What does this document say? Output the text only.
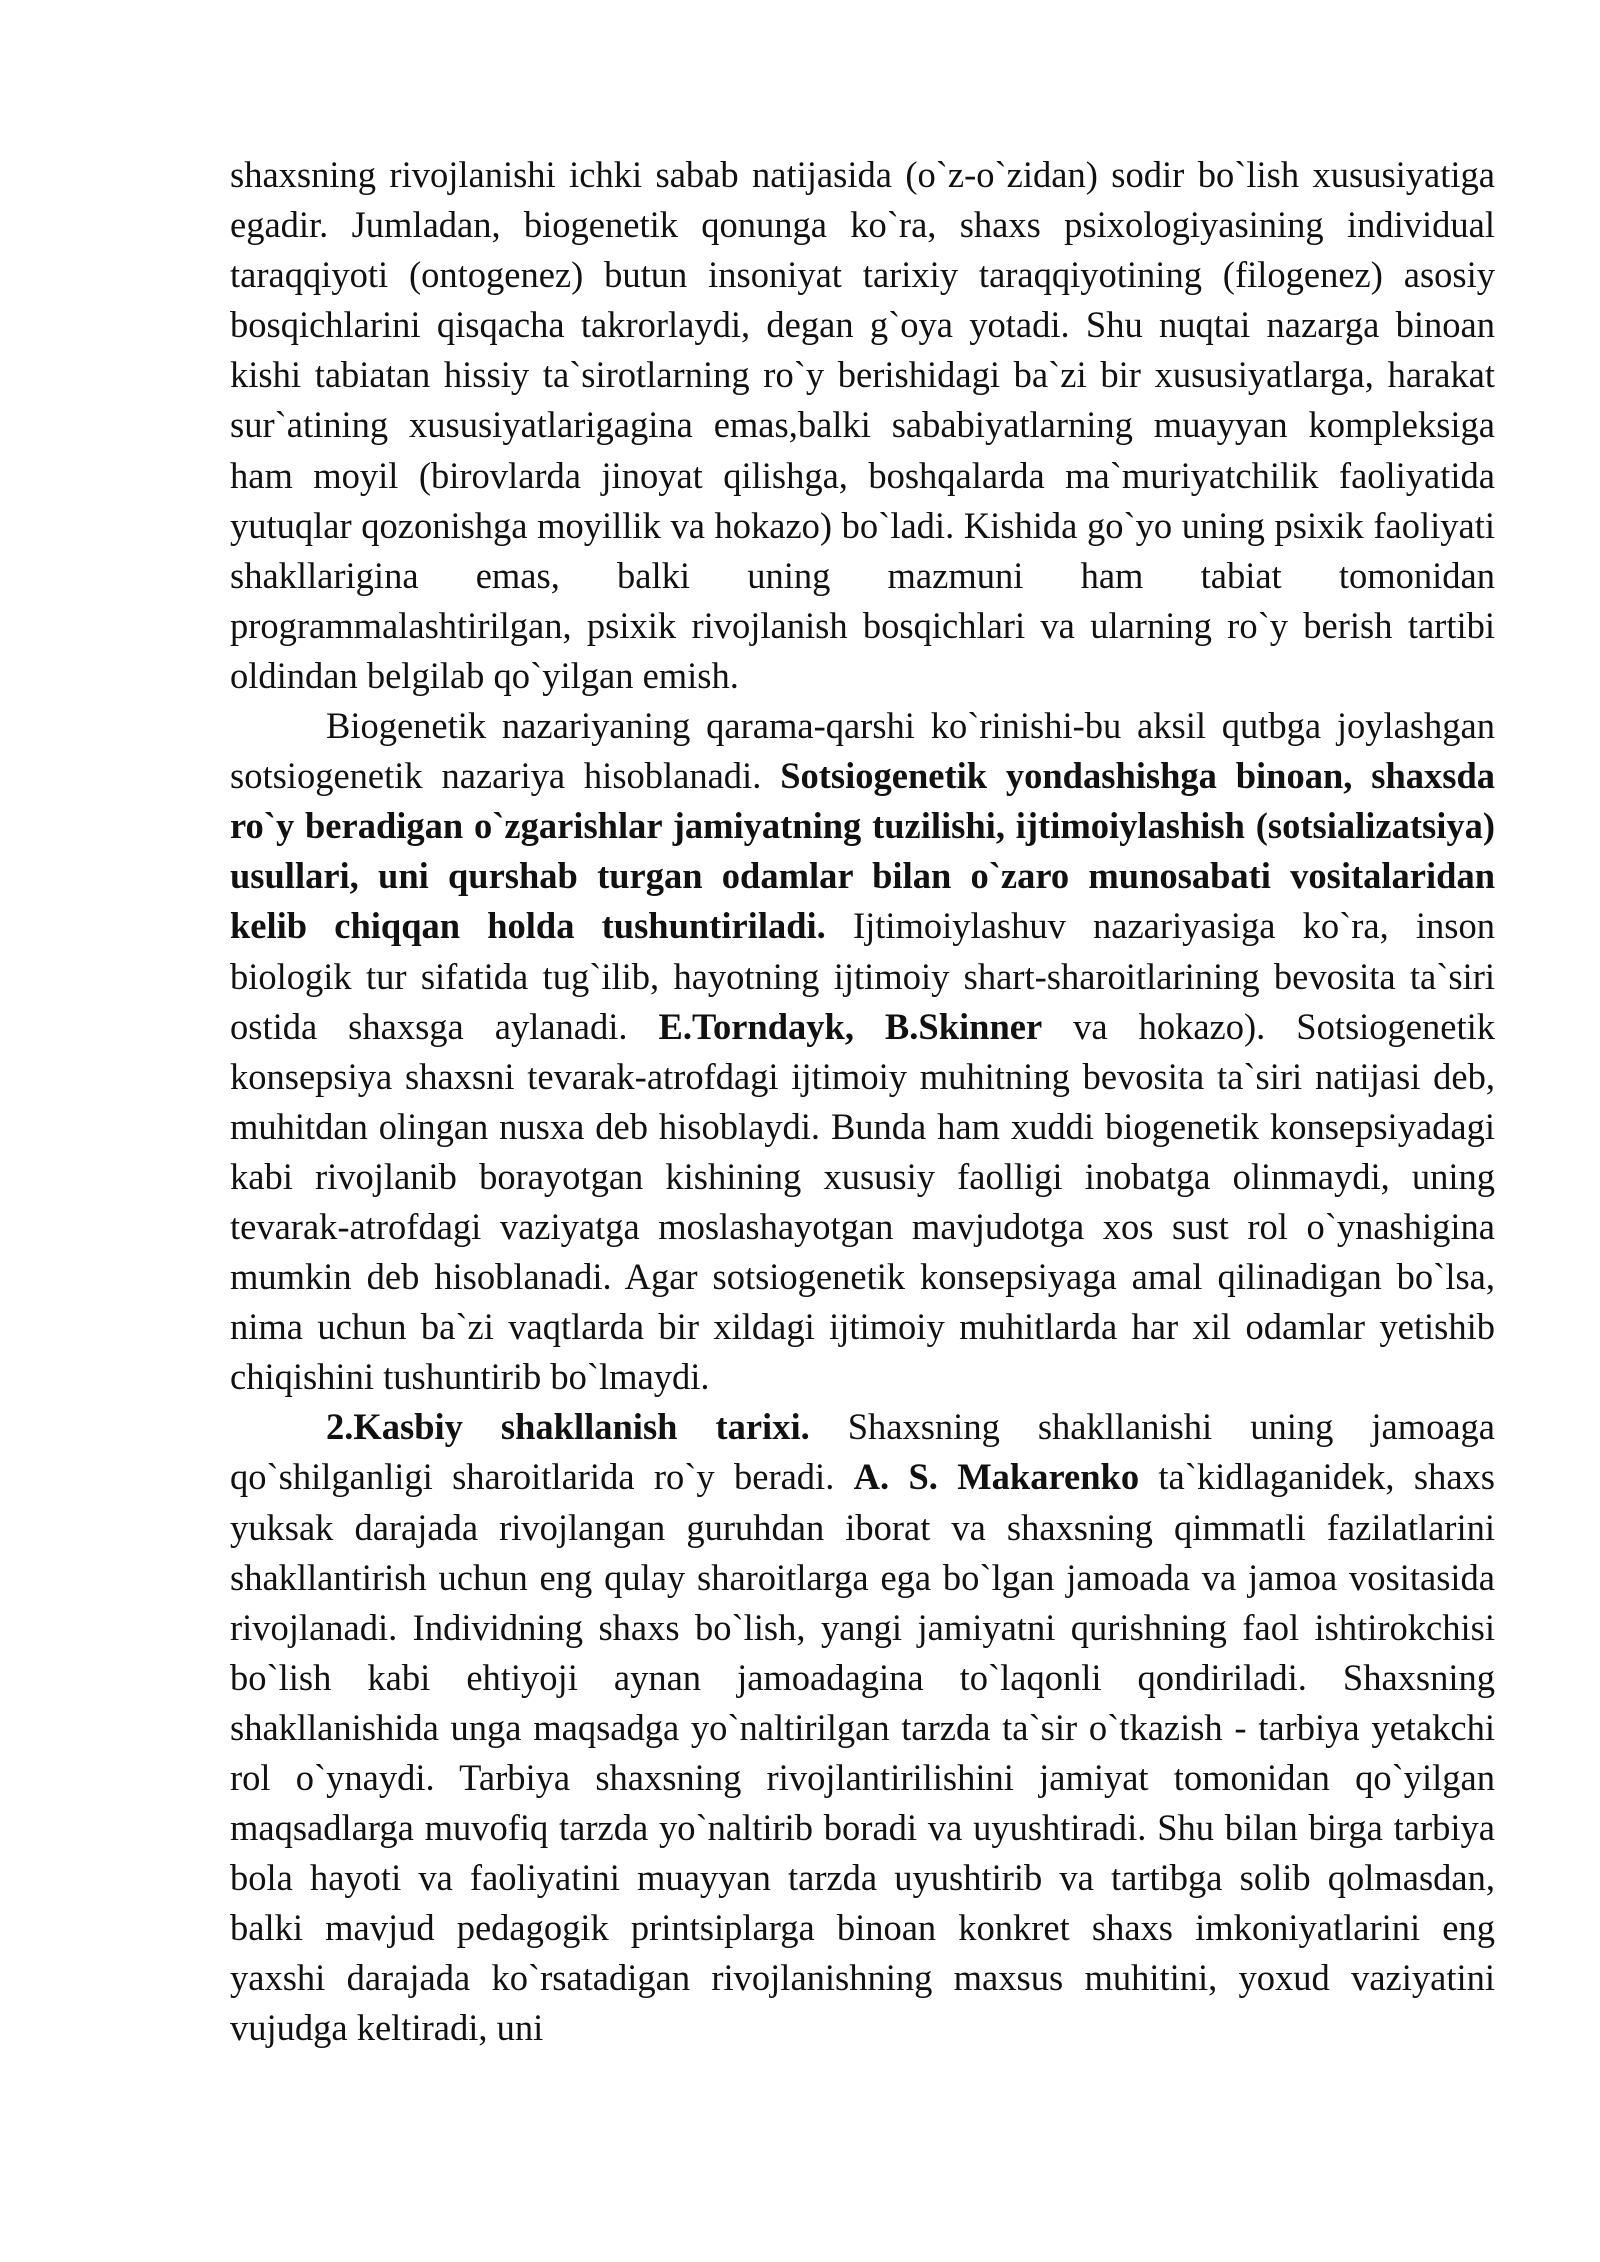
shaxsning rivojlanishi ichki sabab natijasida (o`z-o`zidan) sodir bo`lish xususiyatiga egadir. Jumladan, biogenetik qonunga ko`ra, shaxs psixologiyasining individual taraqqiyoti (ontogenez) butun insoniyat tarixiy taraqqiyotining (filogenez) asosiy bosqichlarini qisqacha takrorlaydi, degan g`oya yotadi. Shu nuqtai nazarga binoan kishi tabiatan hissiy ta`sirotlarning ro`y berishidagi ba`zi bir xususiyatlarga, harakat sur`atining xususiyatlarigagina emas,balki sababiyatlarning muayyan kompleksiga ham moyil (birovlarda jinoyat qilishga, boshqalarda ma`muriyatchilik faoliyatida yutuqlar qozonishga moyillik va hokazo) bo`ladi. Kishida go`yo uning psixik faoliyati shakllarigina emas, balki uning mazmuni ham tabiat tomonidan programmalashtirilgan, psixik rivojlanish bosqichlari va ularning ro`y berish tartibi oldindan belgilab qo`yilgan emish.

Biogenetik nazariyaning qarama-qarshi ko`rinishi-bu aksil qutbga joylashgan sotsiogenetik nazariya hisoblanadi. Sotsiogenetik yondashishga binoan, shaxsda ro`y beradigan o`zgarishlar jamiyatning tuzilishi, ijtimoiylashish (sotsializatsiya) usullari, uni qurshab turgan odamlar bilan o`zaro munosabati vositalaridan kelib chiqqan holda tushuntiriladi. Ijtimoiylashuv nazariyasiga ko`ra, inson biologik tur sifatida tug`ilib, hayotning ijtimoiy shart-sharoitlarining bevosita ta`siri ostida shaxsga aylanadi. E.Torndayk, B.Skinner va hokazo). Sotsiogenetik konsepsiya shaxsni tevarak-atrofdagi ijtimoiy muhitning bevosita ta`siri natijasi deb, muhitdan olingan nusxa deb hisoblaydi. Bunda ham xuddi biogenetik konsepsiyadagi kabi rivojlanib borayotgan kishining xususiy faolligi inobatga olinmaydi, uning tevarak-atrofdagi vaziyatga moslashayotgan mavjudotga xos sust rol o`ynashigina mumkin deb hisoblanadi. Agar sotsiogenetik konsepsiyaga amal qilinadigan bo`lsa, nima uchun ba`zi vaqtlarda bir xildagi ijtimoiy muhitlarda har xil odamlar yetishib chiqishini tushuntirib bo`lmaydi.

2.Kasbiy shakllanish tarixi. Shaxsning shakllanishi uning jamoaga qo`shilganligi sharoitlarida ro`y beradi. A. S. Makarenko ta`kidlaganidek, shaxs yuksak darajada rivojlangan guruhdan iborat va shaxsning qimmatli fazilatlarini shakllantirish uchun eng qulay sharoitlarga ega bo`lgan jamoada va jamoa vositasida rivojlanadi. Individning shaxs bo`lish, yangi jamiyatni qurishning faol ishtirokchisi bo`lish kabi ehtiyoji aynan jamoadagina to`laqonli qondiriladi. Shaxsning shakllanishida unga maqsadga yo`naltirilgan tarzda ta`sir o`tkazish - tarbiya yetakchi rol o`ynaydi. Tarbiya shaxsning rivojlantirilishini jamiyat tomonidan qo`yilgan maqsadlarga muvofiq tarzda yo`naltirib boradi va uyushtiradi. Shu bilan birga tarbiya bola hayoti va faoliyatini muayyan tarzda uyushtirib va tartibga solib qolmasdan, balki mavjud pedagogik printsiplarga binoan konkret shaxs imkoniyatlarini eng yaxshi darajada ko`rsatadigan rivojlanishning maxsus muhitini, yoxud vaziyatini vujudga keltiradi, uni
